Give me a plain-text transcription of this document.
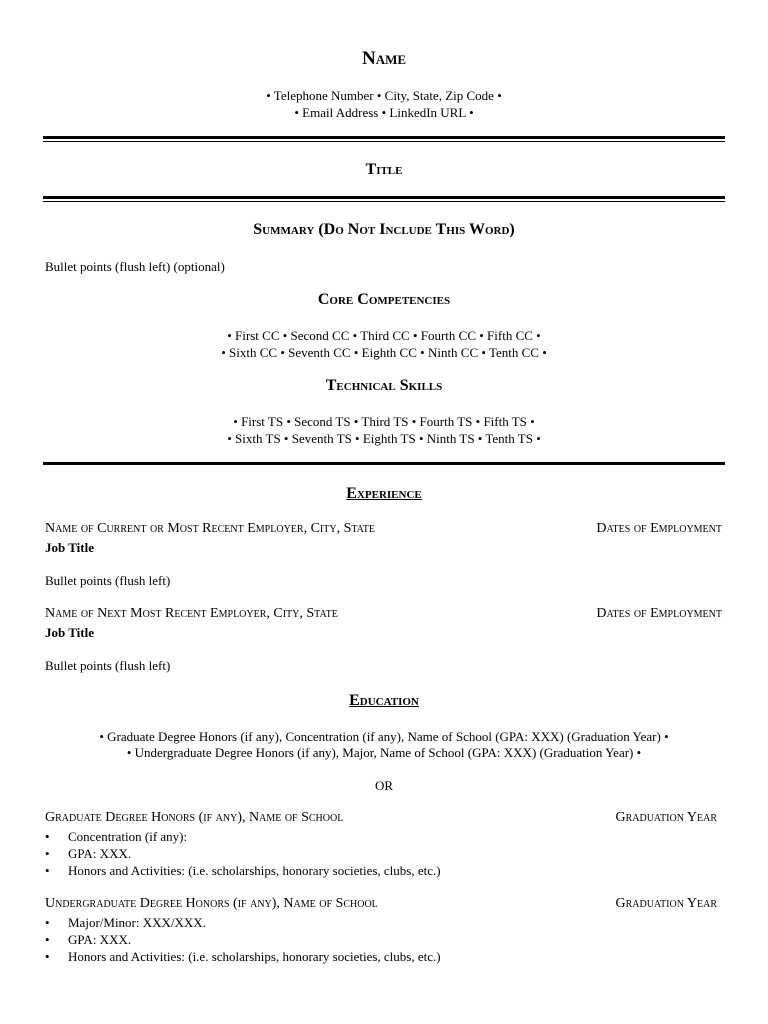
Name
• Telephone Number • City, State, Zip Code •
• Email Address • LinkedIn URL •
Title
Summary (Do Not Include This Word)
Bullet points (flush left) (optional)
Core Competencies
• First CC • Second CC • Third CC • Fourth CC • Fifth CC •
• Sixth CC • Seventh CC • Eighth CC • Ninth CC • Tenth CC •
Technical Skills
• First TS • Second TS • Third TS • Fourth TS • Fifth TS •
• Sixth TS • Seventh TS • Eighth TS • Ninth TS • Tenth TS •
Experience
Name of Current or Most Recent Employer, City, State	Dates of Employment
Job Title
Bullet points (flush left)
Name of Next Most Recent Employer, City, State	Dates of Employment
Job Title
Bullet points (flush left)
Education
• Graduate Degree Honors (if any), Concentration (if any), Name of School (GPA: XXX) (Graduation Year) •
• Undergraduate Degree Honors (if any), Major, Name of School (GPA: XXX) (Graduation Year) •
OR
Graduate Degree Honors (if any), Name of School	Graduation Year
• Concentration (if any):
• GPA: XXX.
• Honors and Activities: (i.e. scholarships, honorary societies, clubs, etc.)
Undergraduate Degree Honors (if any), Name of School	Graduation Year
• Major/Minor: XXX/XXX.
• GPA: XXX.
• Honors and Activities: (i.e. scholarships, honorary societies, clubs, etc.)
